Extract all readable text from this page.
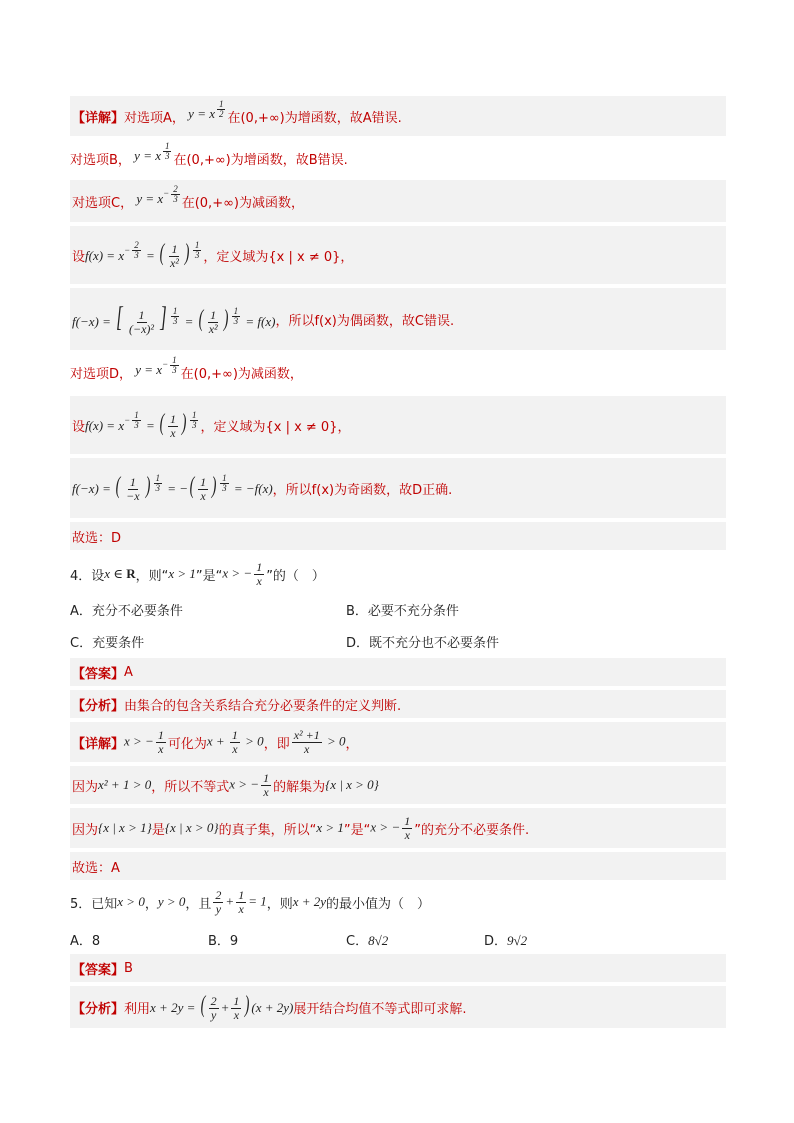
【详解】 对选项A， y = x $^{\frac{1}{2}}$ 在(0,+∞)为增函数，故A错误.
对选项B， y = x $^{\frac{1}{3}}$ 在(0,+∞)为增函数，故B错误.
对选项C， $y = x^{- \frac{2}{3}}$ 在(0,+∞)为减函数，
设 $f(x) = x^{- \frac{2}{3}}$ = ( $\frac{1}{\text{x²}}$ ) $^{\frac{1}{3}}$ ，定义域为{x | x ≠ 0}，
f(−x) = [ $\frac{1}{\text{(−x)²}}$ ] $^{\frac{1}{3}}$ = ( $\frac{1}{\text{x²}}$ ) $^{\frac{1}{3}}$ = f(x) ，所以f(x)为偶函数，故C错误.
对选项D， $y = x^{- \frac{1}{3}}$ 在(0,+∞)为减函数，
设 $f(x) = x^{- \frac{1}{3}}$ = ( $\frac{1}{x}$ ) $^{\frac{1}{3}}$ ，定义域为{x | x ≠ 0}，
f(−x) = ( $\frac{1}{-x}$ ) $^{\frac{1}{3}}$ = −( $\frac{1}{x}$ ) $^{\frac{1}{3}}$ = −f(x) ，所以f(x)为奇函数，故D正确.
故选：D
4．设 x ∈ R ，则“ x > 1 ”是“ x > − $\frac{1}{x}$ ”的（　）
A．充分不必要条件	B．必要不充分条件
C．充要条件	D．既不充分也不必要条件
【答案】 A
【分析】 由集合的包含关系结合充分必要条件的定义判断.
【详解】 x > − $\frac{1}{x}$ 可化为 $x + \frac{1}{x} > 0$ ，即 $\frac{\text{x² +1}}{x} > 0$ ，
因为 x² + 1 > 0 ，所以不等式 x > − $\frac{1}{x}$ 的解集为 {x | x > 0}
因为 {x | x > 1} 是 {x | x > 0} 的真子集，所以“ x > 1 ”是“ x > − $\frac{1}{x}$ ”的充分不必要条件.
故选：A
5．已知 x > 0 ， y > 0 ，且 $\frac{2}{y} + \frac{1}{x} = 1$ ，则 x + 2y 的最小值为（　）
A．8	B．9	C．8√2	D．9√2
【答案】 B
【分析】 利用 x + 2y = ( $\frac{2}{y} + \frac{1}{x}$ ) (x + 2y) 展开结合均值不等式即可求解.
